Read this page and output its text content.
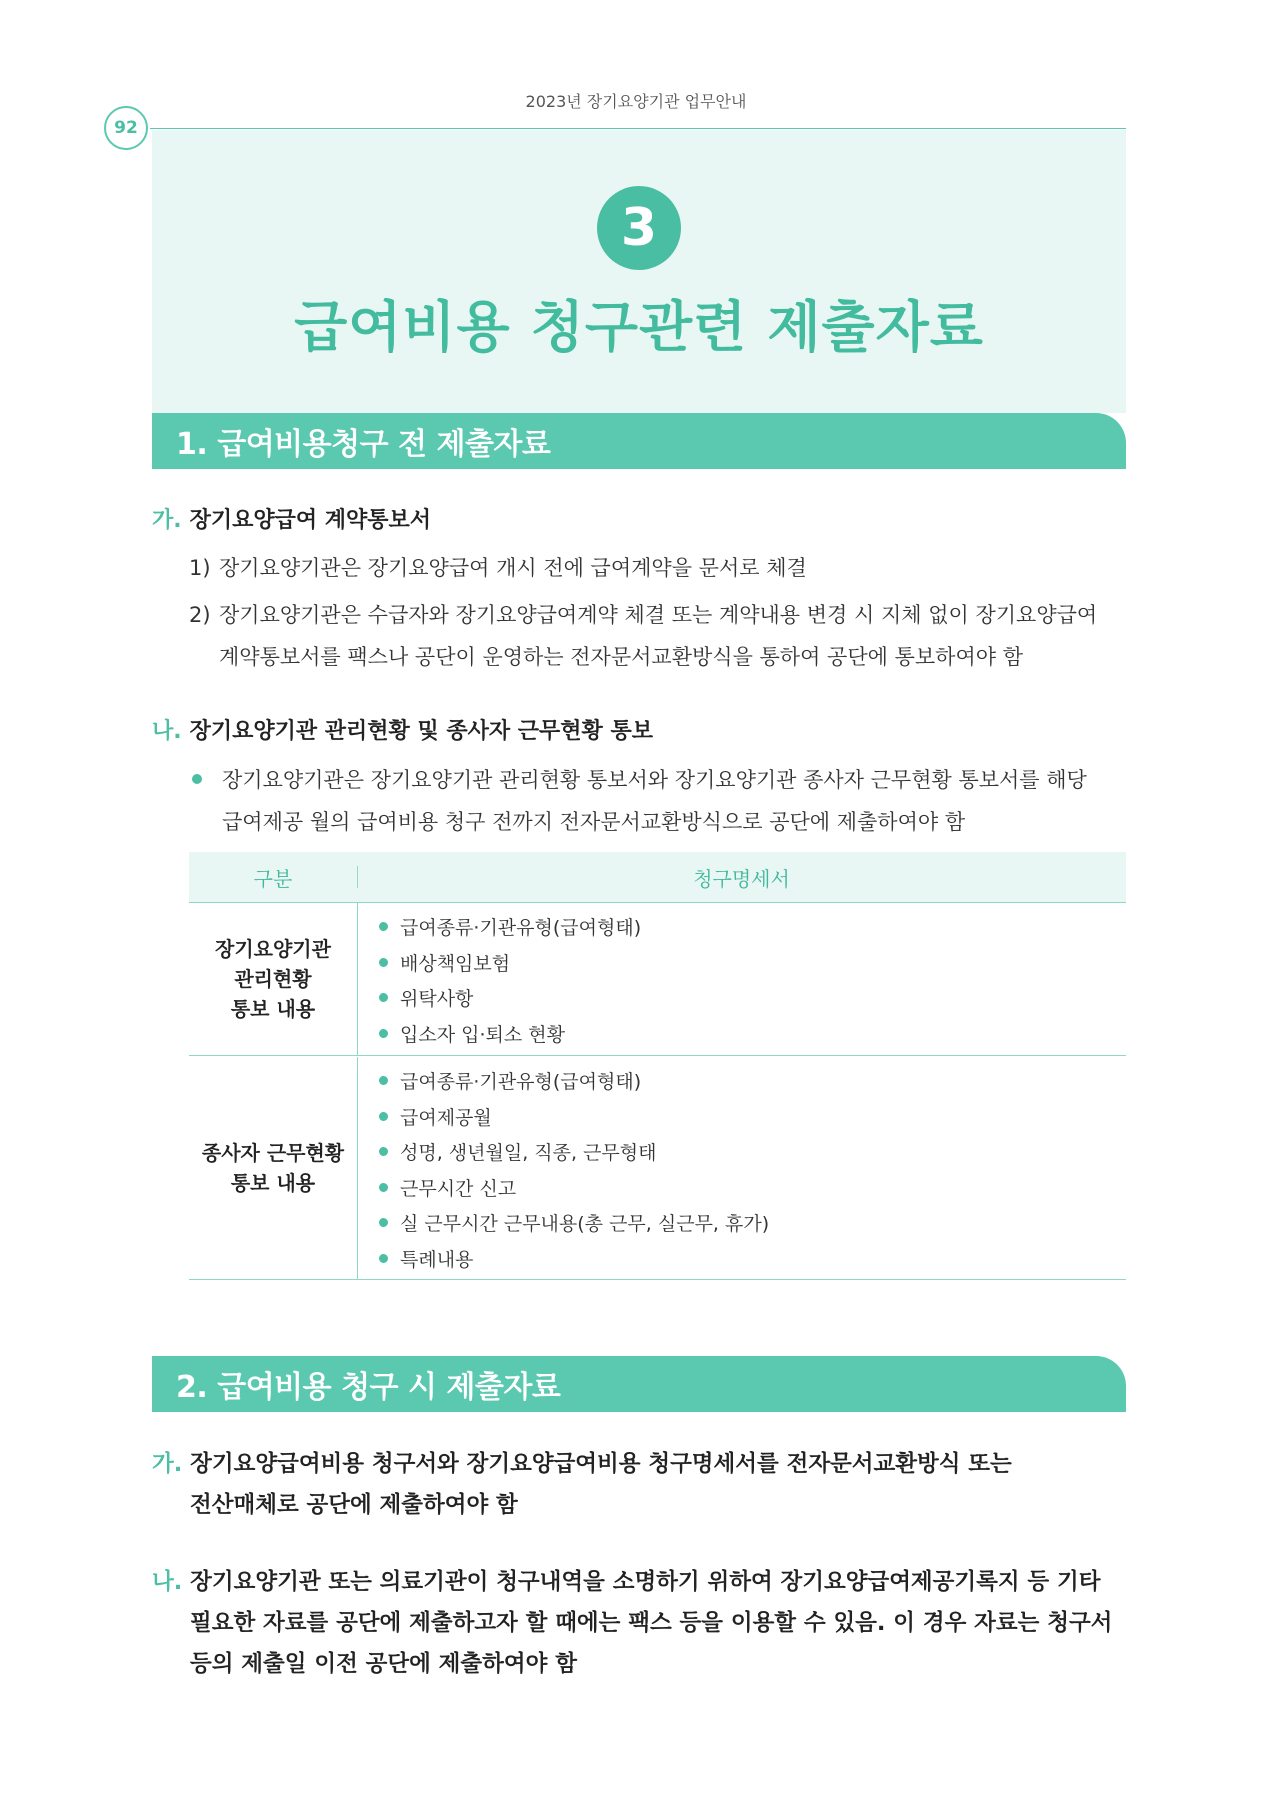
2023년 장기요양기관 업무안내
92
3
급여비용 청구관련 제출자료
1. 급여비용청구 전 제출자료
가. 장기요양급여 계약통보서
1) 장기요양기관은 장기요양급여 개시 전에 급여계약을 문서로 체결
2) 장기요양기관은 수급자와 장기요양급여계약 체결 또는 계약내용 변경 시 지체 없이 장기요양급여
계약통보서를 팩스나 공단이 운영하는 전자문서교환방식을 통하여 공단에 통보하여야 함
나. 장기요양기관 관리현황 및 종사자 근무현황 통보
장기요양기관은 장기요양기관 관리현황 통보서와 장기요양기관 종사자 근무현황 통보서를 해당
급여제공 월의 급여비용 청구 전까지 전자문서교환방식으로 공단에 제출하여야 함
구분	청구명세서
장기요양기관
관리현황
통보 내용
급여종류·기관유형(급여형태)
배상책임보험
위탁사항
입소자 입·퇴소 현황
종사자 근무현황
통보 내용
급여종류·기관유형(급여형태)
급여제공월
성명, 생년월일, 직종, 근무형태
근무시간 신고
실 근무시간 근무내용(총 근무, 실근무, 휴가)
특례내용
2. 급여비용 청구 시 제출자료
가. 장기요양급여비용 청구서와 장기요양급여비용 청구명세서를 전자문서교환방식 또는
전산매체로 공단에 제출하여야 함
나. 장기요양기관 또는 의료기관이 청구내역을 소명하기 위하여 장기요양급여제공기록지 등 기타
필요한 자료를 공단에 제출하고자 할 때에는 팩스 등을 이용할 수 있음. 이 경우 자료는 청구서
등의 제출일 이전 공단에 제출하여야 함
